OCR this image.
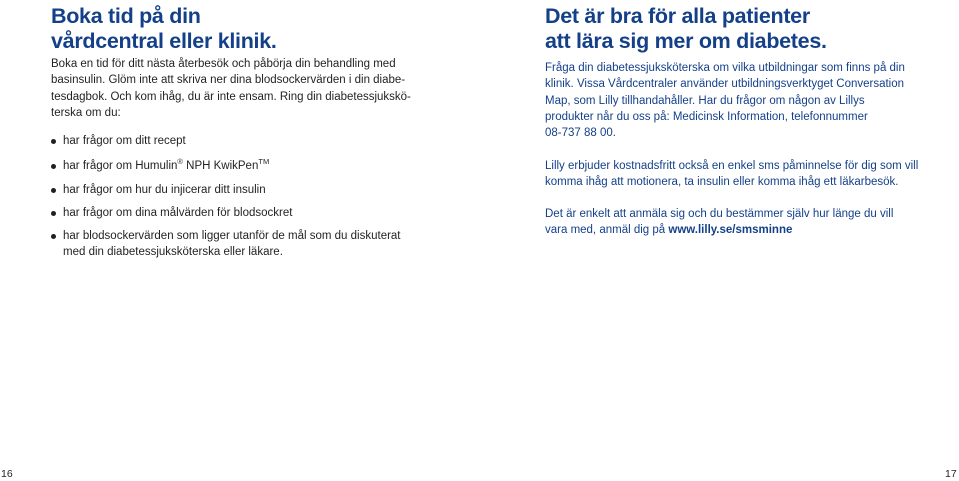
Boka tid på din
vårdcentral eller klinik.

Boka en tid för ditt nästa återbesök och påbörja din behandling med
basinsulin. Glöm inte att skriva ner dina blodsockervärden i din diabe-
tesdagbok. Och kom ihåg, du är inte ensam. Ring din diabetessjukskö-
terska om du:

har frågor om ditt recept
har frågor om Humulin® NPH KwikPen™
har frågor om hur du injicerar ditt insulin
har frågor om dina målvärden för blodsockret
har blodsockervärden som ligger utanför de mål som du diskuterat
med din diabetessjuksköterska eller läkare.
Det är bra för alla patienter
att lära sig mer om diabetes.

Fråga din diabetessjuksköterska om vilka utbildningar som finns på din
klinik. Vissa Vårdcentraler använder utbildningsverktyget Conversation
Map, som Lilly tillhandahåller. Har du frågor om någon av Lillys
produkter når du oss på: Medicinsk Information, telefonnummer
08-737 88 00.

Lilly erbjuder kostnadsfritt också en enkel sms påminnelse för dig som vill
komma ihåg att motionera, ta insulin eller komma ihåg ett läkarbesök.

Det är enkelt att anmäla sig och du bestämmer själv hur länge du vill
vara med, anmäl dig på www.lilly.se/smsminne

16	17
